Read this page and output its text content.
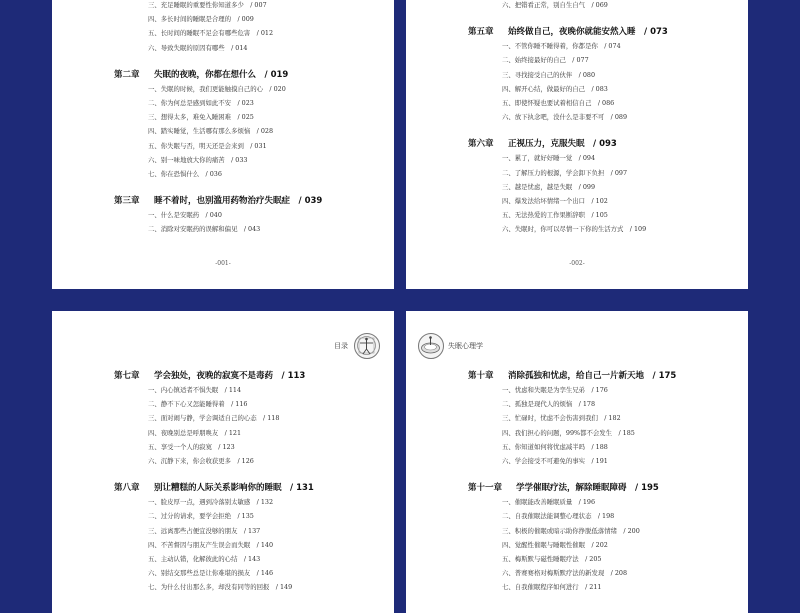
三、充足睡眠的重要性你知道多少　/ 007
四、多长时间的睡眠是合理的　/ 009
五、长时间的睡眠不足会有哪些危害　/ 012
六、导致失眠的原因有哪些　/ 014
第二章	失眠的夜晚，你都在想什么　/ 019
一、失眠的时候，我们更能触摸自己的心　/ 020
二、你为何总是感到如此不安　/ 023
三、想得太多，难免入睡困难　/ 025
四、踏实睡觉，生活哪有那么多烦恼　/ 028
五、你失眠与否，明天还是会来到　/ 031
六、别一味地放大你的痛苦　/ 033
七、你在恐惧什么　/ 036
第三章	睡不着时，也别滥用药物治疗失眠症　/ 039
一、什么是安眠药　/ 040
二、消除对安眠药的误解和偏见　/ 043
-001-
六、把错看正常，别自生自气　/ 069
第五章	始终做自己，夜晚你就能安然入睡　/ 073
一、不管你睡不睡得着，你都是你　/ 074
二、始终接最好的自己　/ 077
三、寻找接受自己的伙伴　/ 080
四、解开心结，做最好的自己　/ 083
五、即使怀疑也要试着相信自己　/ 086
六、放下执念吧，没什么是非要不可　/ 089
第六章	正视压力，克服失眠　/ 093
一、累了，就好好睡一觉　/ 094
二、了解压力的根源，学会卸下负担　/ 097
三、越是忧虑，越是失眠　/ 099
四、爆发法给坏情绪一个出口　/ 102
五、无法热爱的工作果断辞职　/ 105
六、失眠时，你可以尽情一下你的生活方式　/ 109
-002-
目录
第七章	学会独处，夜晚的寂寞不是毒药　/ 113
一、内心镇适者不惧失眠　/ 114
二、静不下心又怎能睡得着　/ 116
三、面对闹与静，学会调适自己的心态　/ 118
四、夜晚别总是呼朋唤友　/ 121
五、享受一个人的寂寞　/ 123
六、沉静下来，你会收获更多　/ 126
第八章	别让糟糕的人际关系影响你的睡眠　/ 131
一、脸皮厚一点，遇到冷落别太敏感　/ 132
二、过分的请求，要学会拒绝　/ 135
三、远离那些占便宜没够的朋友　/ 137
四、不苦督因与朋友产生误会而失眠　/ 140
五、主动认错，化解彼此的心结　/ 143
六、别结交那些总是让你难堪的损友　/ 146
七、为什么付出那么多，却没有同等的回报　/ 149
失眠心理学
第十章	消除孤独和忧虑，给自己一片新天地　/ 175
一、忧虑和失眠是为孪生兄弟　/ 176
二、孤独是现代人的烦恼　/ 178
三、忙碌时，忧虑不会伤害到我们　/ 182
四、我们担心的问题，99%都不会发生　/ 185
五、你知道如何将忧虑减半吗　/ 188
六、学会接受不可避免的事实　/ 191
第十一章	学学催眠疗法，解除睡眠障碍　/ 195
一、催眠能改善睡眠质量　/ 196
二、自我催眠法能调整心理状态　/ 198
三、积极的催眠或暗示助你挣脱低落情绪　/ 200
四、觉醒性催眠与睡眠性催眠　/ 202
五、梅斯默与磁性睡眠疗法　/ 205
六、普赛赛格对梅斯默疗法的新发现　/ 208
七、自我催眠程序如何进行　/ 211
